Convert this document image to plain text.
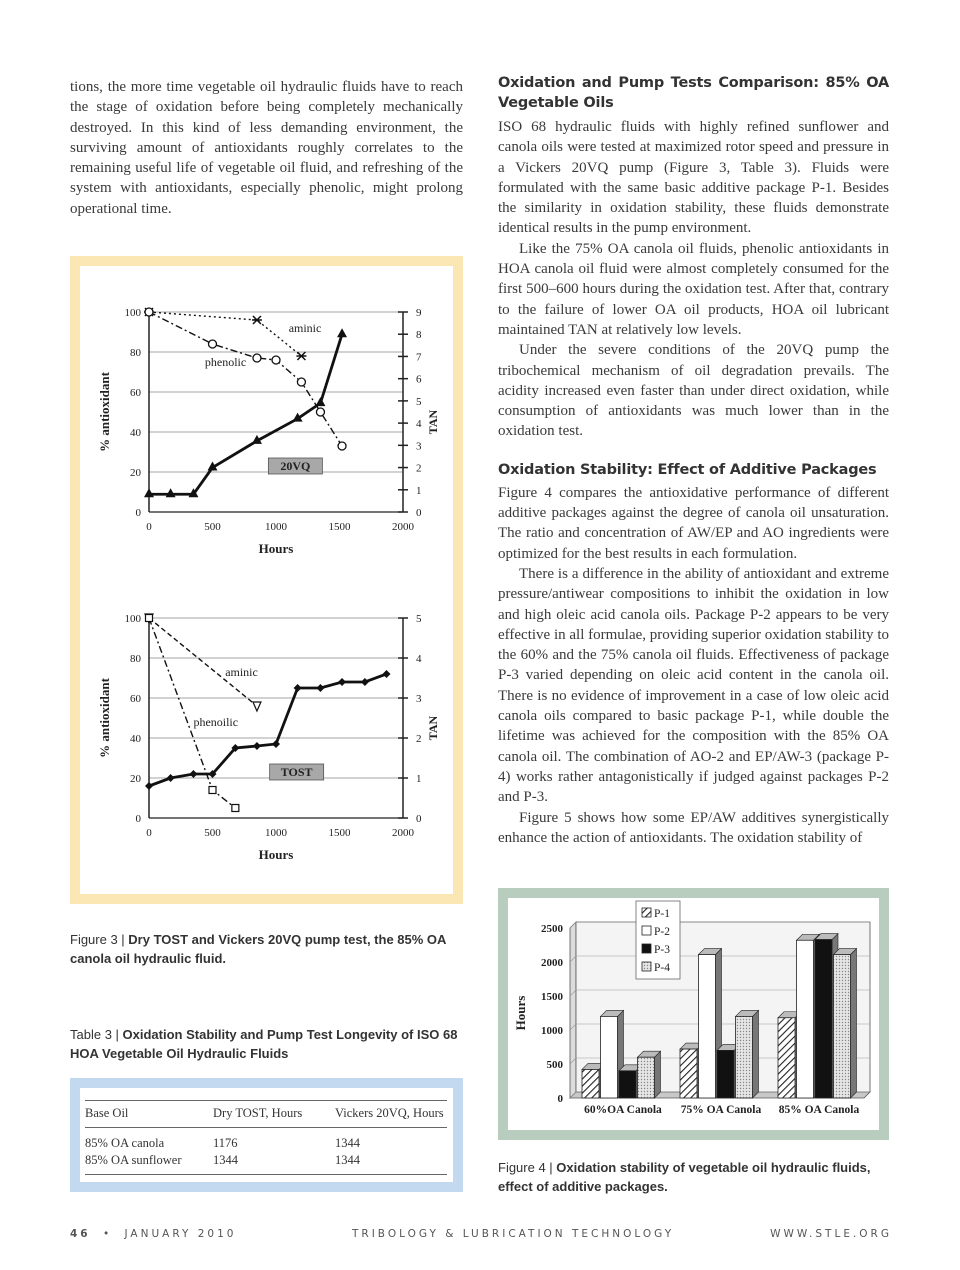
tions, the more time vegetable oil hydraulic fluids have to reach the stage of oxidation before being completely mechanically destroyed. In this kind of less demanding environment, the surviving amount of antioxidants roughly correlates to the remaining useful life of vegetable oil fluid, and refreshing of the system with antioxidants, especially phenolic, might prolong operational time.

0
20
40
60
80
100
0	500	1000	1500	2000
0
1
2
3
4
5
6
7
8
9
Hours
% antioxidant	TAN
20VQ
aminic
phenolic
0
20
40
60
80
100
0	500	1000	1500	2000
0
1
2
3
4
5
Hours
% antioxidant	TAN
TOST
aminic
phenoilic
Figure 3 | Dry TOST and Vickers 20VQ pump test, the 85% OA canola oil hydraulic fluid.
Table 3 | Oxidation Stability and Pump Test Longevity of ISO 68 HOA Vegetable Oil Hydraulic Fluids
Base Oil	Dry TOST, Hours	Vickers 20VQ, Hours
85% OA canola	1176	1344
85% OA sunflower	1344	1344
Oxidation and Pump Tests Comparison: 85% OA Vegetable Oils

ISO 68 hydraulic fluids with highly refined sunflower and canola oils were tested at maximized rotor speed and pressure in a Vickers 20VQ pump (Figure 3, Table 3). Fluids were formulated with the same basic additive package P-1. Besides the similarity in oxidation stability, these fluids demonstrate identical results in the pump environment.

Like the 75% OA canola oil fluids, phenolic antioxidants in HOA canola oil fluid were almost completely consumed for the first 500–600 hours during the oxidation test. After that, contrary to the failure of lower OA oil products, HOA oil lubricant maintained TAN at relatively low levels.

Under the severe conditions of the 20VQ pump the tribochemical mechanism of oil degradation prevails. The acidity increased even faster than under direct oxidation, while consumption of antioxidants was much lower than in the oxidation test.

Oxidation Stability: Effect of Additive Packages

Figure 4 compares the antioxidative performance of different additive packages against the degree of canola oil unsaturation. The ratio and concentration of AW/EP and AO ingredients were optimized for the best results in each formulation.

There is a difference in the ability of antioxidant and extreme pressure/antiwear compositions to inhibit the oxidation in low and high oleic acid canola oils. Package P-2 appears to be very effective in all formulae, providing superior oxidation stability to the 60% and the 75% canola oil fluids. Effectiveness of package P-3 varied depending on oleic acid content in the canola oil. There is no evidence of improvement in a case of low oleic acid canola oils compared to basic package P-1, while double the lifetime was achieved for the composition with the 85% OA canola oil. The combination of AO-2 and EP/AW-3 (package P-4) works rather antagonistically if judged against packages P-2 and P-3.

Figure 5 shows how some EP/AW additives synergistically enhance the action of antioxidants. The oxidation stability of

0
500
1000
1500
2000
2500
Hours
60%OA Canola 75% OA Canola 85% OA Canola
P-1
P-2
P-3
P-4
Figure 4 | Oxidation stability of vegetable oil hydraulic fluids, effect of additive packages.
46 • JANUARY 2010	TRIBOLOGY & LUBRICATION TECHNOLOGY	WWW.STLE.ORG
